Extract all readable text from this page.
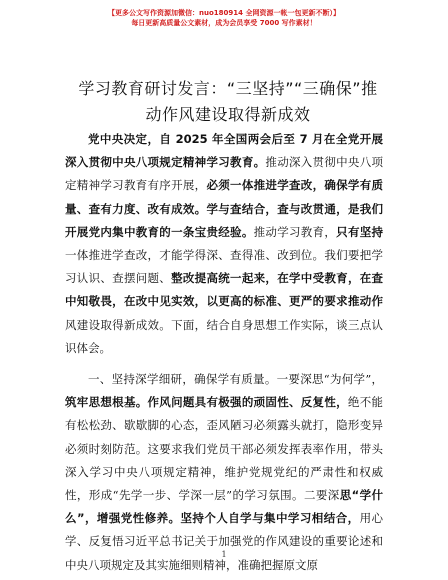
【更多公文写作资源加微信：nuo180914 全网资源一帐一包更新不断）】
每日更新高质量公文素材，成为会员享受 7000 写作素材！
学习教育研讨发言：“三坚持”“三确保”推
动作风建设取得新成效

党中央决定，自 2025 年全国两会后至 7 月在全党开展深入贯彻中央八项规定精神学习教育。推动深入贯彻中央八项定精神学习教育有序开展，必须一体推进学查改，确保学有质量、查有力度、改有成效。学与查结合，查与改贯通，是我们开展党内集中教育的一条宝贵经验。推动学习教育，只有坚持一体推进学查改，才能学得深、查得准、改到位。我们要把学习认识、查摆问题、整改提高统一起来，在学中受教育，在查中知敬畏，在改中见实效，以更高的标准、更严的要求推动作风建设取得新成效。下面，结合自身思想工作实际，谈三点认识体会。

一、坚持深学细研，确保学有质量。一要深思“为何学”，筑牢思想根基。作风问题具有极强的顽固性、反复性，绝不能有松松劲、歇歇脚的心态，歪风陋习必须露头就打，隐形变异必须时刻防范。这要求我们党员干部必须发挥表率作用，带头深入学习中央八项规定精神，维护党规党纪的严肃性和权威性，形成“先学一步、学深一层”的学习氛围。二要深思“学什么”，增强党性修养。坚持个人自学与集中学习相结合，用心学、反复悟习近平总书记关于加强党的作风建设的重要论述和中央八项规定及其实施细则精神，准确把握原文原

1
